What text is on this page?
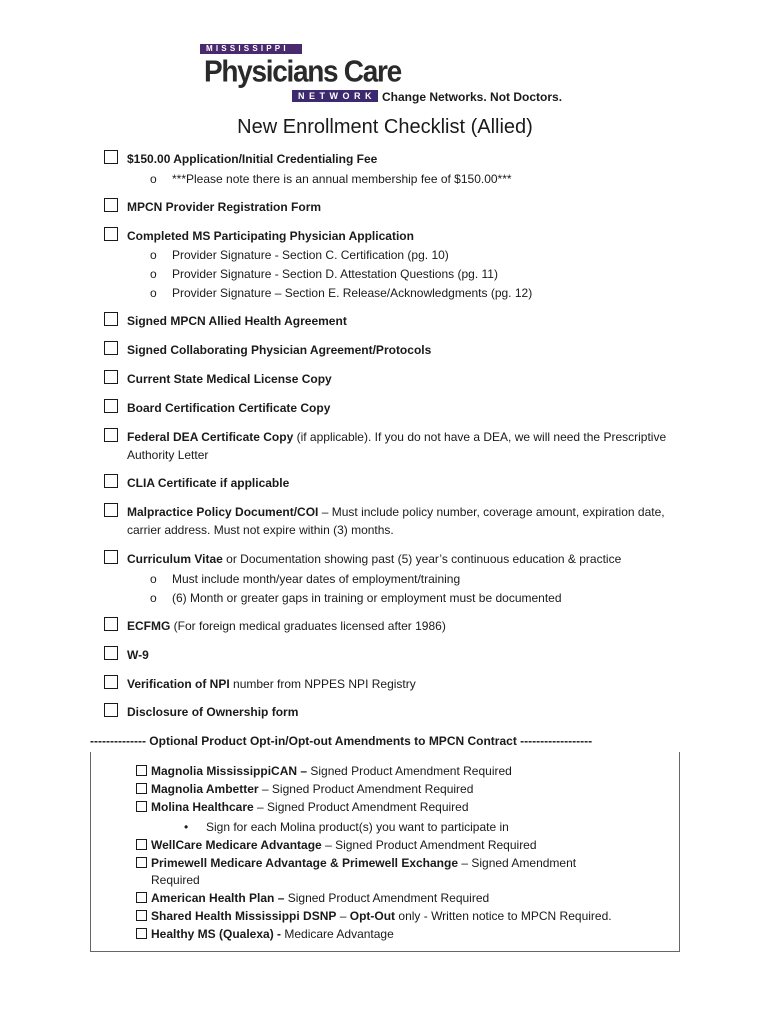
MISSISSIPPI
Physicians Care
NETWORK Change Networks. Not Doctors.
New Enrollment Checklist (Allied)
$150.00 Application/Initial Credentialing Fee
o ***Please note there is an annual membership fee of $150.00***
MPCN Provider Registration Form
Completed MS Participating Physician Application
o Provider Signature - Section C. Certification (pg. 10)
o Provider Signature - Section D. Attestation Questions (pg. 11)
o Provider Signature – Section E. Release/Acknowledgments (pg. 12)
Signed MPCN Allied Health Agreement
Signed Collaborating Physician Agreement/Protocols
Current State Medical License Copy
Board Certification Certificate Copy
Federal DEA Certificate Copy (if applicable). If you do not have a DEA, we will need the Prescriptive Authority Letter
CLIA Certificate if applicable
Malpractice Policy Document/COI – Must include policy number, coverage amount, expiration date, carrier address. Must not expire within (3) months.
Curriculum Vitae or Documentation showing past (5) year’s continuous education & practice
o Must include month/year dates of employment/training
o (6) Month or greater gaps in training or employment must be documented
ECFMG (For foreign medical graduates licensed after 1986)
W-9
Verification of NPI number from NPPES NPI Registry
Disclosure of Ownership form
-------------- Optional Product Opt-in/Opt-out Amendments to MPCN Contract ------------------
Magnolia MississippiCAN – Signed Product Amendment Required
Magnolia Ambetter – Signed Product Amendment Required
Molina Healthcare – Signed Product Amendment Required
• Sign for each Molina product(s) you want to participate in
WellCare Medicare Advantage – Signed Product Amendment Required
Primewell Medicare Advantage & Primewell Exchange – Signed Amendment
Required
American Health Plan – Signed Product Amendment Required
Shared Health Mississippi DSNP – Opt-Out only - Written notice to MPCN Required.
Healthy MS (Qualexa) - Medicare Advantage
